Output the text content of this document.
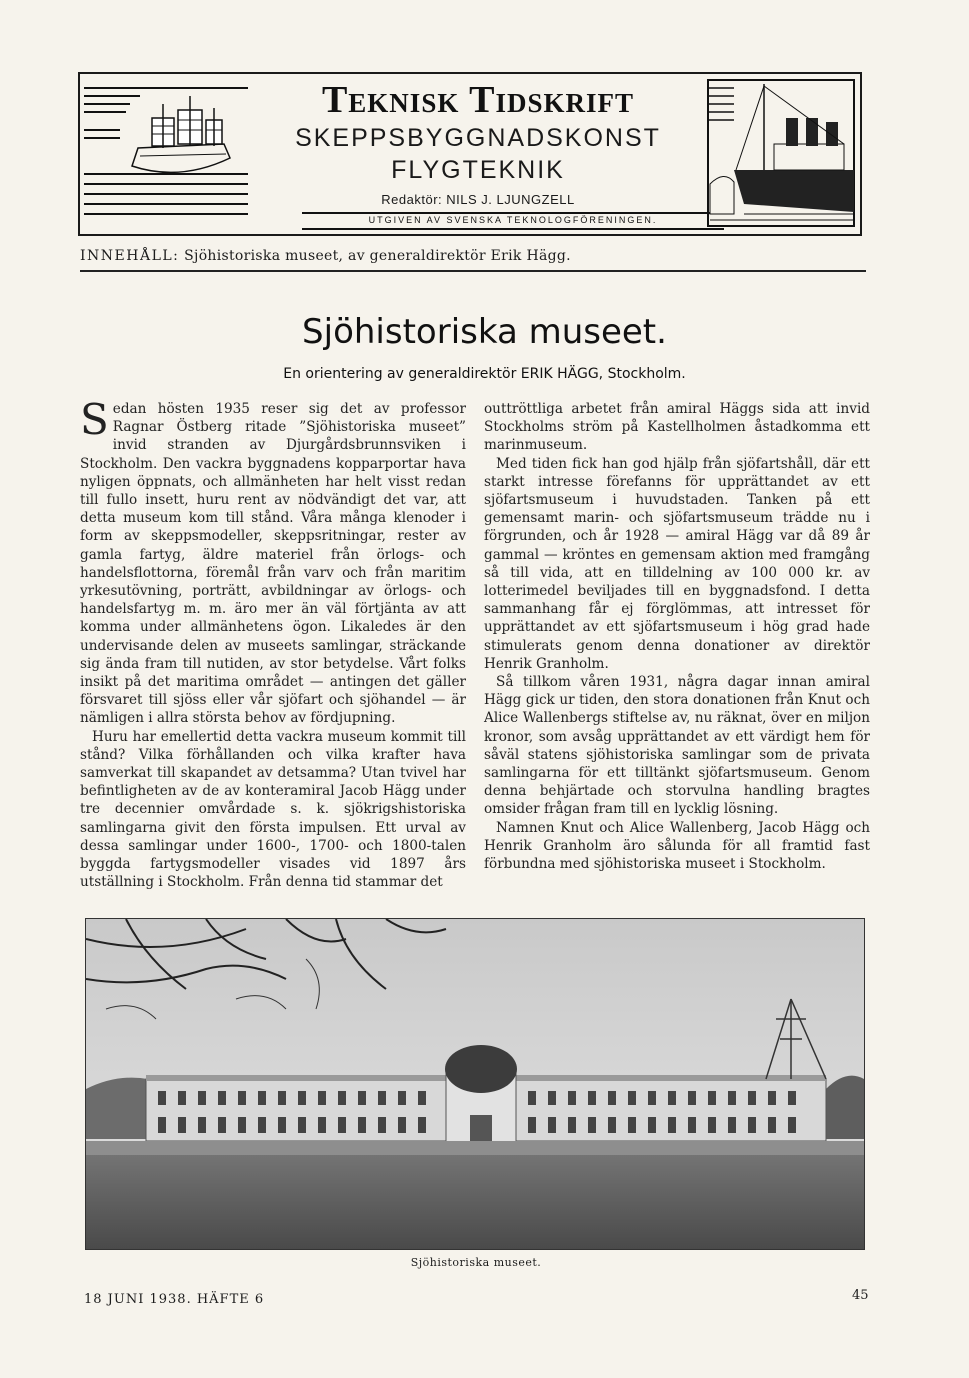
Teknisk Tidskrift
SKEPPSBYGGNADSKONST
FLYGTEKNIK
Redaktör: NILS J. LJUNGZELL
UTGIVEN AV SVENSKA TEKNOLOGFÖRENINGEN.
INNEHÅLL: Sjöhistoriska museet, av generaldirektör Erik Hägg.
Sjöhistoriska museet.
En orientering av generaldirektör ERIK HÄGG, Stockholm.

Sedan hösten 1935 reser sig det av professor Ragnar Östberg ritade ”Sjöhistoriska museet” invid stranden av Djurgårdsbrunnsviken i Stockholm. Den vackra byggnadens kopparportar hava nyligen öppnats, och allmänheten har helt visst redan till fullo insett, huru rent av nödvändigt det var, att detta museum kom till stånd. Våra många klenoder i form av skeppsmodeller, skeppsritningar, rester av gamla fartyg, äldre materiel från örlogs- och handelsflottorna, föremål från varv och från maritim yrkesutövning, porträtt, avbildningar av örlogs- och handelsfartyg m. m. äro mer än väl förtjänta av att komma under allmänhetens ögon. Likaledes är den undervisande delen av museets samlingar, sträckande sig ända fram till nutiden, av stor betydelse. Vårt folks insikt på det maritima området — antingen det gäller försvaret till sjöss eller vår sjöfart och sjöhandel — är nämligen i allra största behov av fördjupning.

Huru har emellertid detta vackra museum kommit till stånd? Vilka förhållanden och vilka krafter hava samverkat till skapandet av detsamma? Utan tvivel har befintligheten av de av konteramiral Jacob Hägg under tre decennier omvårdade s. k. sjökrigshistoriska samlingarna givit den första impulsen. Ett urval av dessa samlingar under 1600-, 1700- och 1800-talen byggda fartygsmodeller visades vid 1897 års utställning i Stockholm. Från denna tid stammar det

outtröttliga arbetet från amiral Häggs sida att invid Stockholms ström på Kastellholmen åstadkomma ett marinmuseum.

Med tiden fick han god hjälp från sjöfartshåll, där ett starkt intresse förefanns för upprättandet av ett sjöfartsmuseum i huvudstaden. Tanken på ett gemensamt marin- och sjöfartsmuseum trädde nu i förgrunden, och år 1928 — amiral Hägg var då 89 år gammal — kröntes en gemensam aktion med framgång så till vida, att en tilldelning av 100 000 kr. av lotterimedel beviljades till en byggnadsfond. I detta sammanhang får ej förglömmas, att intresset för upprättandet av ett sjöfartsmuseum i hög grad hade stimulerats genom denna donationer av direktör Henrik Granholm.

Så tillkom våren 1931, några dagar innan amiral Hägg gick ur tiden, den stora donationen från Knut och Alice Wallenbergs stiftelse av, nu räknat, över en miljon kronor, som avsåg upprättandet av ett värdigt hem för såväl statens sjöhistoriska samlingar som de privata samlingarna för ett tilltänkt sjöfartsmuseum. Genom denna behjärtade och storvulna handling bragtes omsider frågan fram till en lycklig lösning.

Namnen Knut och Alice Wallenberg, Jacob Hägg och Henrik Granholm äro sålunda för all framtid fast förbundna med sjöhistoriska museet i Stockholm.

Sjöhistoriska museet.
18 JUNI 1938. HÄFTE 6	45
